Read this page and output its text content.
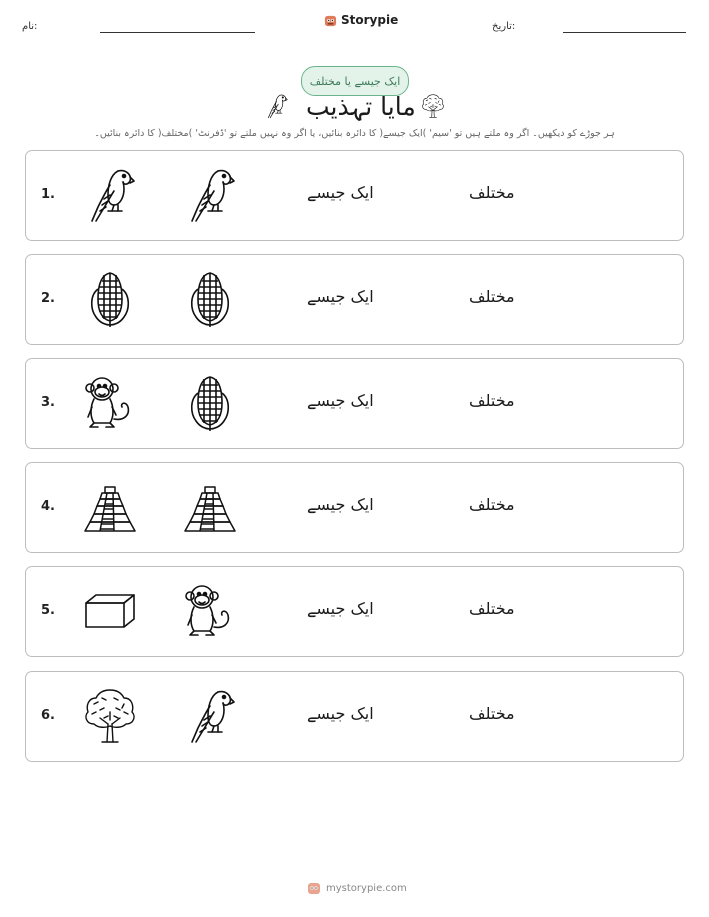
نام:	Storypie	تاریخ:
ایک جیسے یا مختلف
مایا تہذیب
ہر جوڑے کو دیکھیں۔ اگر وہ ملتے ہیں تو 'سیم' )ایک جیسے( کا دائرہ بنائیں، یا اگر وہ نہیں ملتے تو 'ڈفرنٹ' )مختلف( کا دائرہ بنائیں۔
1.	ایک جیسے	مختلف
2.	ایک جیسے	مختلف
3.	ایک جیسے	مختلف
4.	ایک جیسے	مختلف
5.	ایک جیسے	مختلف
6.	ایک جیسے	مختلف
mystorypie.com
